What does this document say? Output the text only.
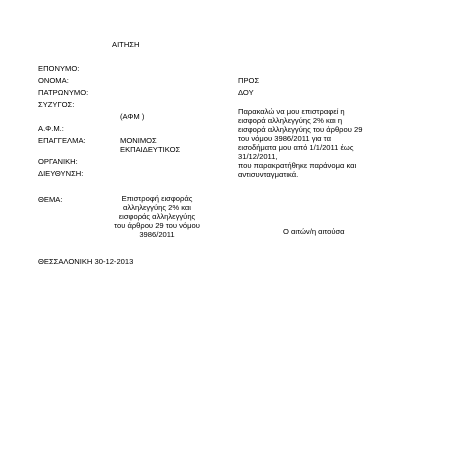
ΑΙΤΗΣΗ
ΕΠΟΝΥΜΟ:
ΟΝΟΜΑ:
ΠΑΤΡΩΝΥΜΟ:
ΣΥΖΥΓΟΣ:
(ΑΦΜ )
Α.Φ.Μ.:
ΕΠΑΓΓΕΛΜΑ:	ΜΟΝΙΜΟΣ
ΕΚΠΑΙΔΕΥΤΙΚΟΣ
ΟΡΓΑΝΙΚΗ:
ΔΙΕΥΘΥΝΣΗ:
ΠΡΟΣ
ΔΟΥ
Παρακαλώ να μου επιστραφεί η
εισφορά αλληλεγγύης 2% και η
εισφορά αλληλεγγύης του άρθρου 29
του νόμου 3986/2011 για τα
εισοδήματα μου από 1/1/2011 έως
31/12/2011,
που παρακρατήθηκε παράνομα και
αντισυνταγματικά.
ΘΕΜΑ:	Επιστροφή εισφοράς
αλληλεγγύης 2% και
εισφοράς αλληλεγγύης
του άρθρου 29 του νόμου
3986/2011	Ο αιτών/η αιτούσα
ΘΕΣΣΑΛΟΝΙΚΗ 30-12-2013
